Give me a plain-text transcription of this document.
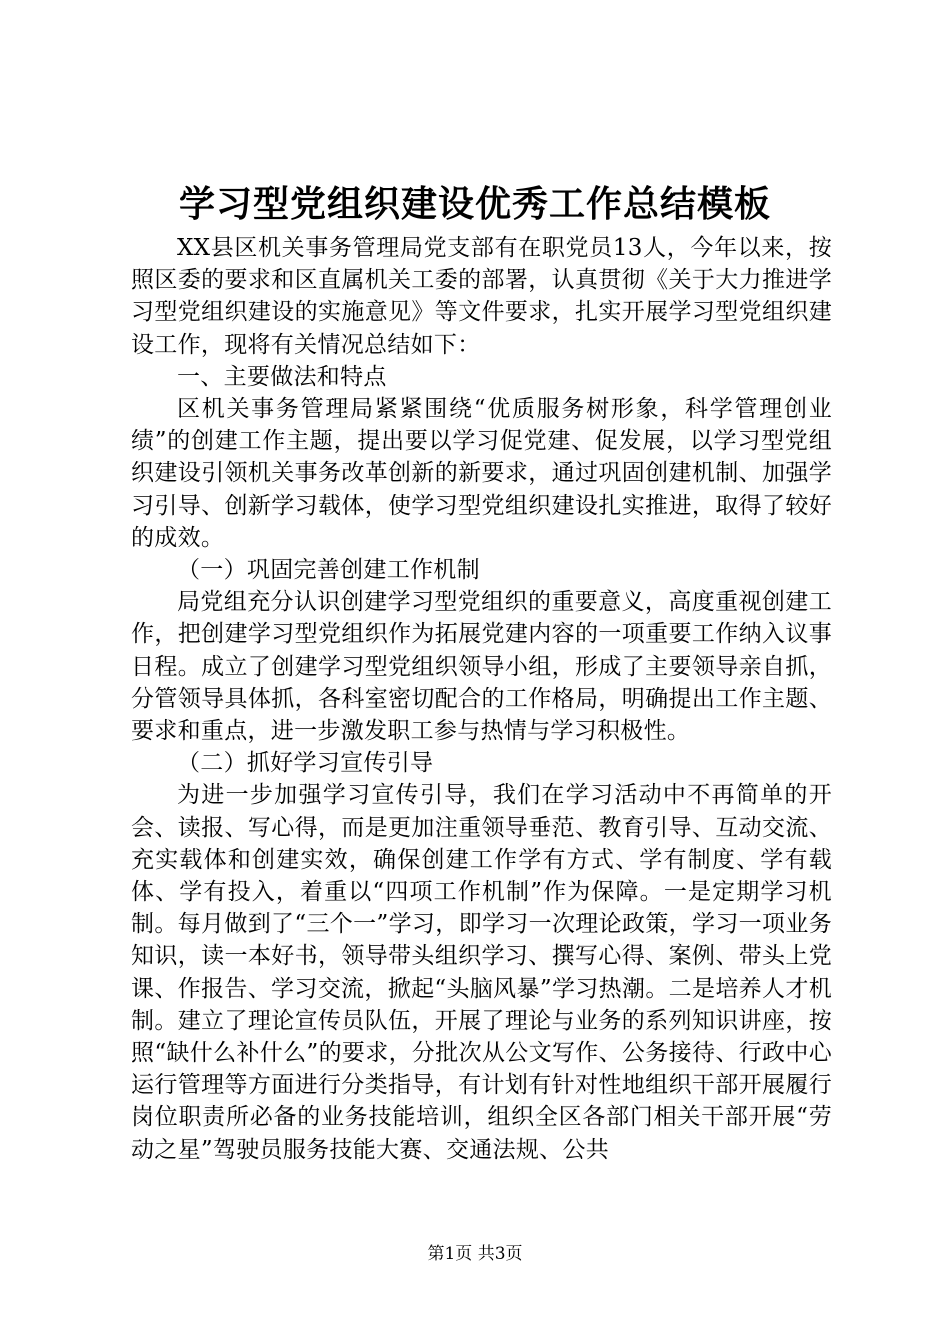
学习型党组织建设优秀工作总结模板

XX县区机关事务管理局党支部有在职党员13人，今年以来，按照区委的要求和区直属机关工委的部署，认真贯彻《关于大力推进学习型党组织建设的实施意见》等文件要求，扎实开展学习型党组织建设工作，现将有关情况总结如下：

一、主要做法和特点

区机关事务管理局紧紧围绕“优质服务树形象，科学管理创业绩”的创建工作主题，提出要以学习促党建、促发展，以学习型党组织建设引领机关事务改革创新的新要求，通过巩固创建机制、加强学习引导、创新学习载体，使学习型党组织建设扎实推进，取得了较好的成效。

（一）巩固完善创建工作机制

局党组充分认识创建学习型党组织的重要意义，高度重视创建工作，把创建学习型党组织作为拓展党建内容的一项重要工作纳入议事日程。成立了创建学习型党组织领导小组，形成了主要领导亲自抓，分管领导具体抓，各科室密切配合的工作格局，明确提出工作主题、要求和重点，进一步激发职工参与热情与学习积极性。

（二）抓好学习宣传引导

为进一步加强学习宣传引导，我们在学习活动中不再简单的开会、读报、写心得，而是更加注重领导垂范、教育引导、互动交流、充实载体和创建实效，确保创建工作学有方式、学有制度、学有载体、学有投入，着重以“四项工作机制”作为保障。一是定期学习机制。每月做到了“三个一”学习，即学习一次理论政策，学习一项业务知识，读一本好书，领导带头组织学习、撰写心得、案例、带头上党课、作报告、学习交流，掀起“头脑风暴”学习热潮。二是培养人才机制。建立了理论宣传员队伍，开展了理论与业务的系列知识讲座，按照“缺什么补什么”的要求，分批次从公文写作、公务接待、行政中心运行管理等方面进行分类指导，有计划有针对性地组织干部开展履行岗位职责所必备的业务技能培训，组织全区各部门相关干部开展“劳动之星”驾驶员服务技能大赛、交通法规、公共

第1页 共3页
